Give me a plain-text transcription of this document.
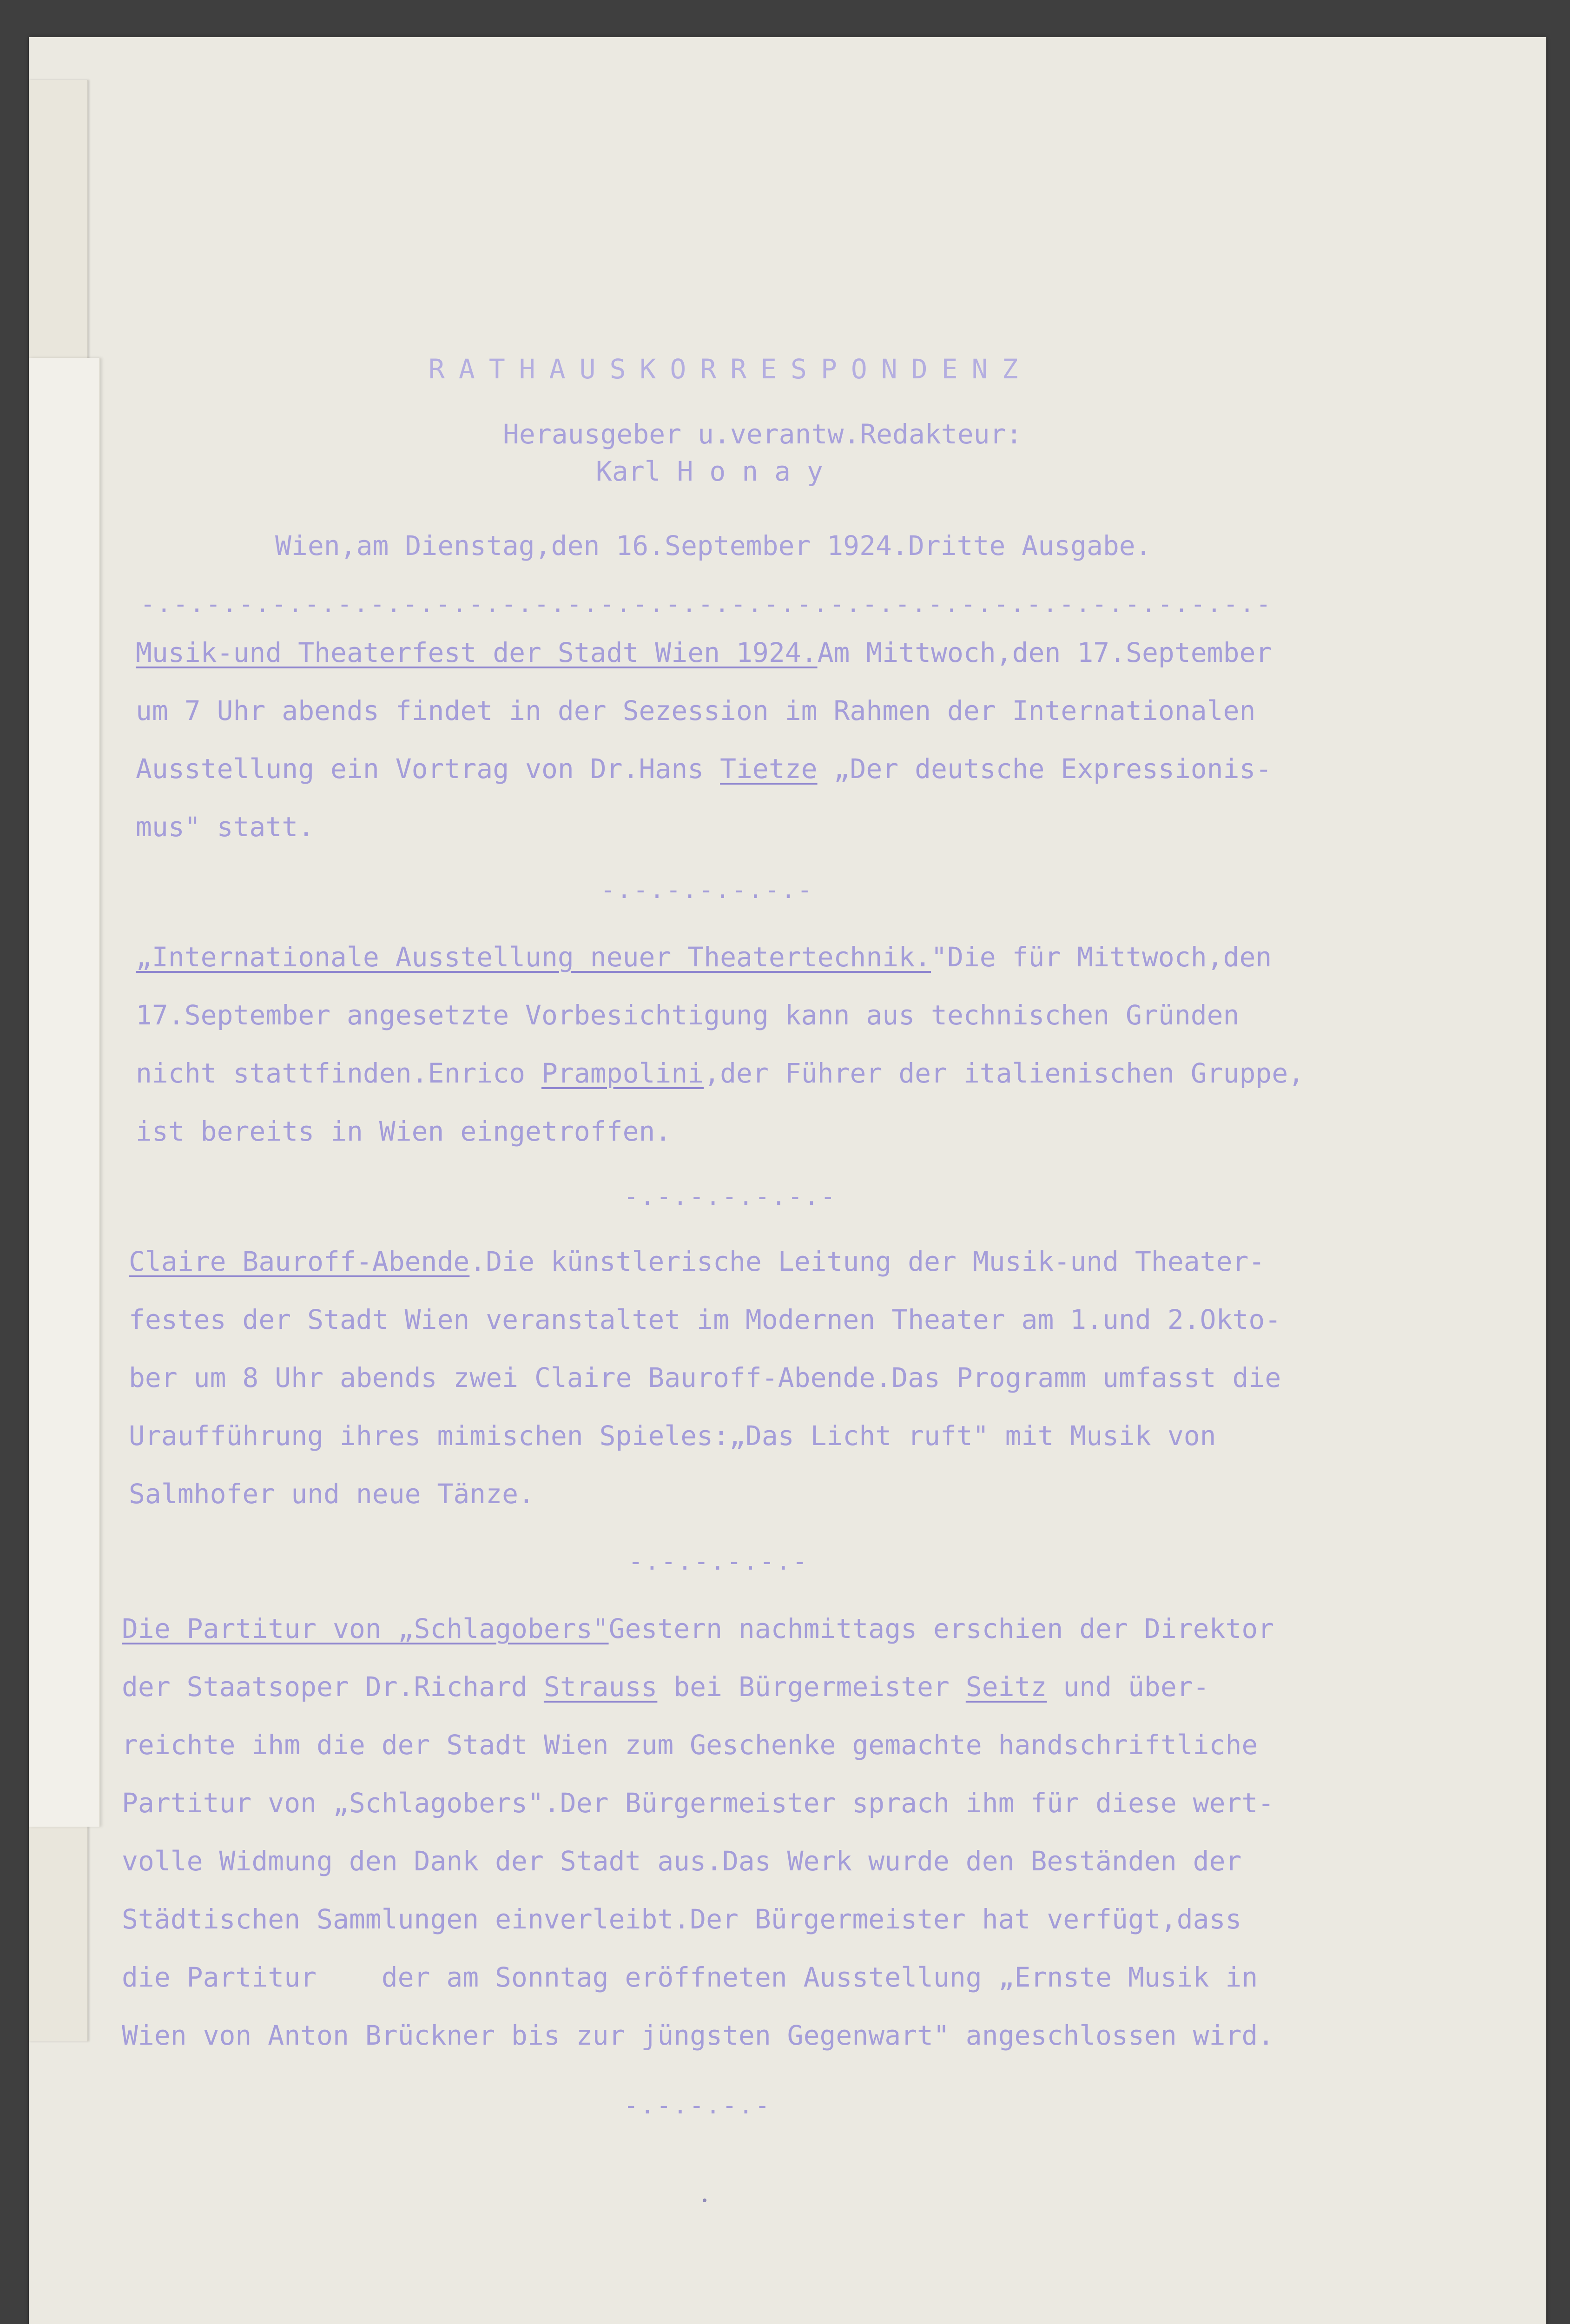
RATHAUSKORRESPONDENZ
Herausgeber u.verantw.Redakteur:
Karl H o n a y
Wien,am Dienstag,den 16.September 1924.Dritte Ausgabe.
-.-.-.-.-.-.-.-.-.-.-.-.-.-.-.-.-.-.-.-.-.-.-.-.-.-.-.-.-.-.-.-.-.-.-
Musik-und Theaterfest der Stadt Wien 1924.Am Mittwoch,den 17.September
um 7 Uhr abends findet in der Sezession im Rahmen der Internationalen
Ausstellung ein Vortrag von Dr.Hans Tietze „Der deutsche Expressionis-
mus" statt.
-.-.-.-.-.-.-
„Internationale Ausstellung neuer Theatertechnik."Die für Mittwoch,den
17.September angesetzte Vorbesichtigung kann aus technischen Gründen
nicht stattfinden.Enrico Prampolini,der Führer der italienischen Gruppe,
ist bereits in Wien eingetroffen.
-.-.-.-.-.-.-
Claire Bauroff-Abende.Die künstlerische Leitung der Musik-und Theater-
festes der Stadt Wien veranstaltet im Modernen Theater am 1.und 2.Okto-
ber um 8 Uhr abends zwei Claire Bauroff-Abende.Das Programm umfasst die
Uraufführung ihres mimischen Spieles:„Das Licht ruft" mit Musik von
Salmhofer und neue Tänze.
-.-.-.-.-.-
Die Partitur von „Schlagobers"Gestern nachmittags erschien der Direktor
der Staatsoper Dr.Richard Strauss bei Bürgermeister Seitz und über-
reichte ihm die der Stadt Wien zum Geschenke gemachte handschriftliche
Partitur von „Schlagobers".Der Bürgermeister sprach ihm für diese wert-
volle Widmung den Dank der Stadt aus.Das Werk wurde den Beständen der
Städtischen Sammlungen einverleibt.Der Bürgermeister hat verfügt,dass
die Partitur    der am Sonntag eröffneten Ausstellung „Ernste Musik in
Wien von Anton Brückner bis zur jüngsten Gegenwart" angeschlossen wird.
-.-.-.-.-
